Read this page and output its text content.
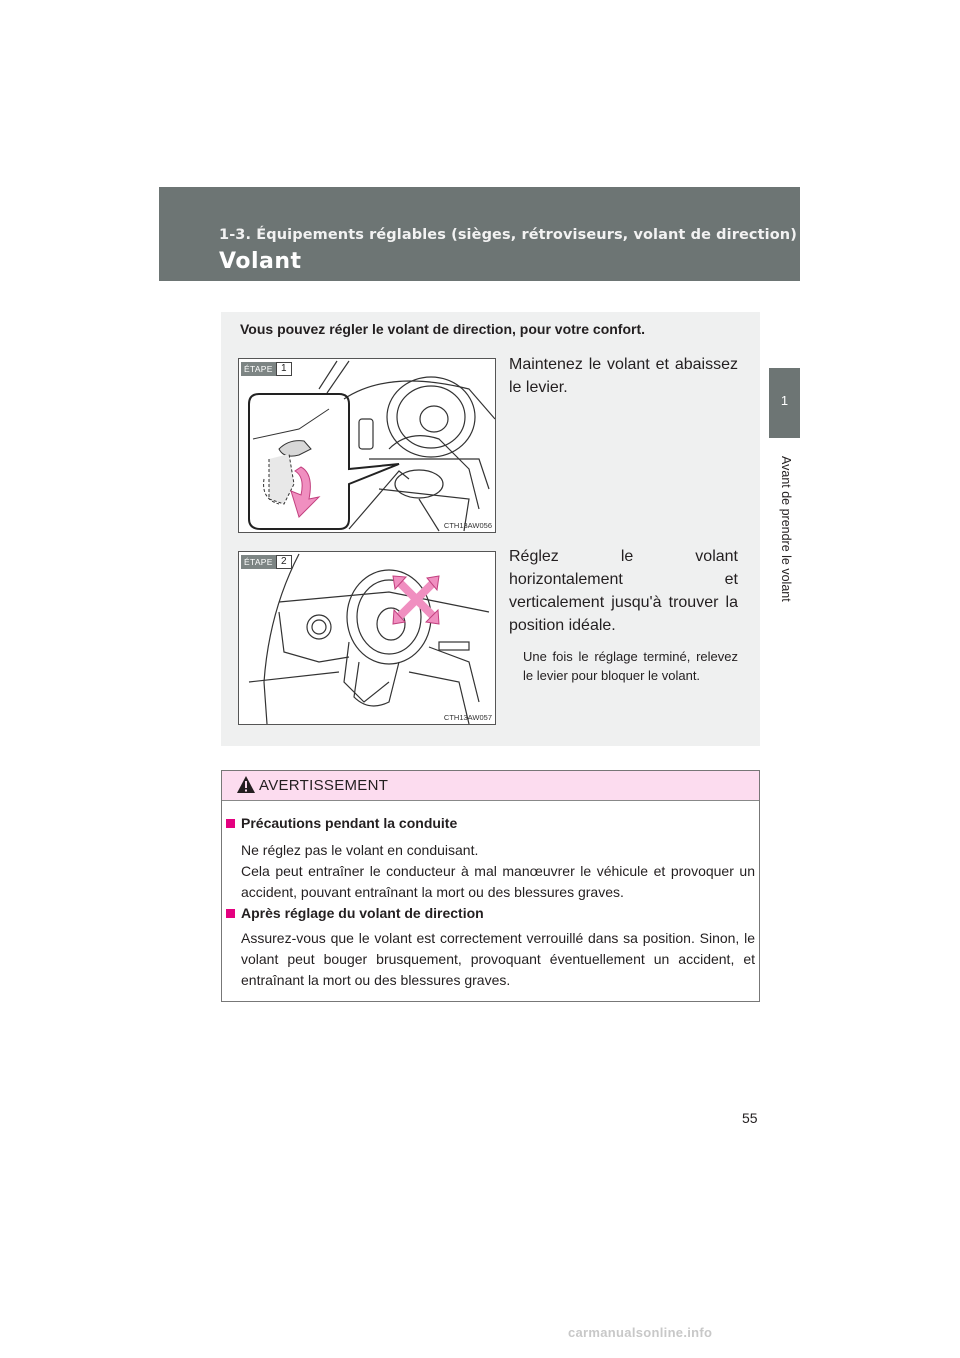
1-3. Équipements réglables (sièges, rétroviseurs, volant de direction)
Volant
1
Avant de prendre le volant
Vous pouvez régler le volant de direction, pour votre confort.
ÉTAPE 1
CTH13AW056
Maintenez le volant et abaissez le levier.
ÉTAPE 2
CTH13AW057
Réglez le volant horizontalement et verticalement jusqu'à trouver la position idéale.
Une fois le réglage terminé, relevez le levier pour bloquer le volant.
AVERTISSEMENT
Précautions pendant la conduite
Ne réglez pas le volant en conduisant.
Cela peut entraîner le conducteur à mal manœuvrer le véhicule et provoquer un accident, pouvant entraînant la mort ou des blessures graves.
Après réglage du volant de direction
Assurez-vous que le volant est correctement verrouillé dans sa position. Sinon, le volant peut bouger brusquement, provoquant éventuellement un accident, et entraînant la mort ou des blessures graves.
55
carmanualsonline.info
